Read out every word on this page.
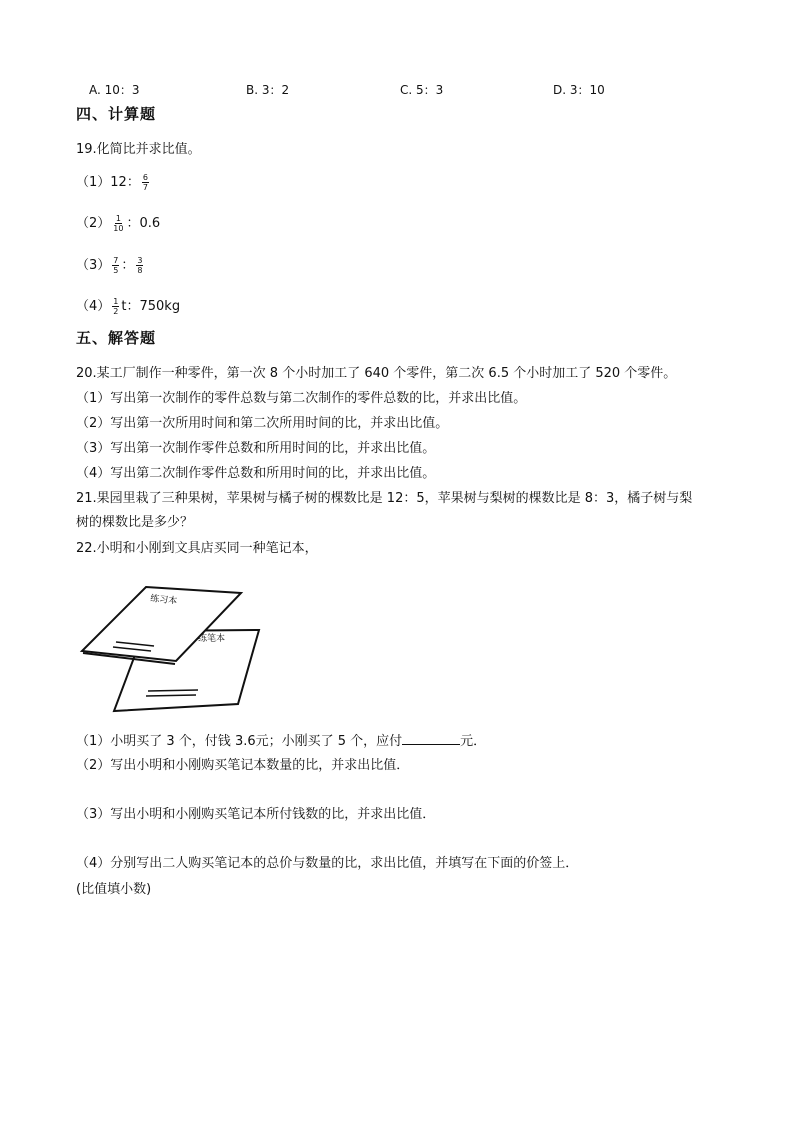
A. 10：3	B. 3：2	C. 5：3	D. 3：10
四、计算题
19.化简比并求比值。
（1）12： $\frac{6}{7}$
$(2) \frac{1}{10}$ ：0.6
$(3) \frac{7}{5}$ ： $\frac{3}{8}$
$(4) \frac{1}{2}$ t：750kg
五、解答题
20.某工厂制作一种零件，第一次 8 个小时加工了 640 个零件，第二次 6.5 个小时加工了 520 个零件。
（1）写出第一次制作的零件总数与第二次制作的零件总数的比，并求出比值。
（2）写出第一次所用时间和第二次所用时间的比，并求出比值。
（3）写出第一次制作零件总数和所用时间的比，并求出比值。
（4）写出第二次制作零件总数和所用时间的比，并求出比值。
21.果园里栽了三种果树，苹果树与橘子树的棵数比是 12：5，苹果树与梨树的棵数比是 8：3，橘子树与梨
树的棵数比是多少？
22.小明和小刚到文具店买同一种笔记本，
练笔本
练习本
（1）小明买了 3 个，付钱 3.6元；小刚买了 5 个，应付	元．
（2）写出小明和小刚购买笔记本数量的比，并求出比值．
（3）写出小明和小刚购买笔记本所付钱数的比，并求出比值．
（4）分别写出二人购买笔记本的总价与数量的比，求出比值，并填写在下面的价签上．
(比值填小数)
